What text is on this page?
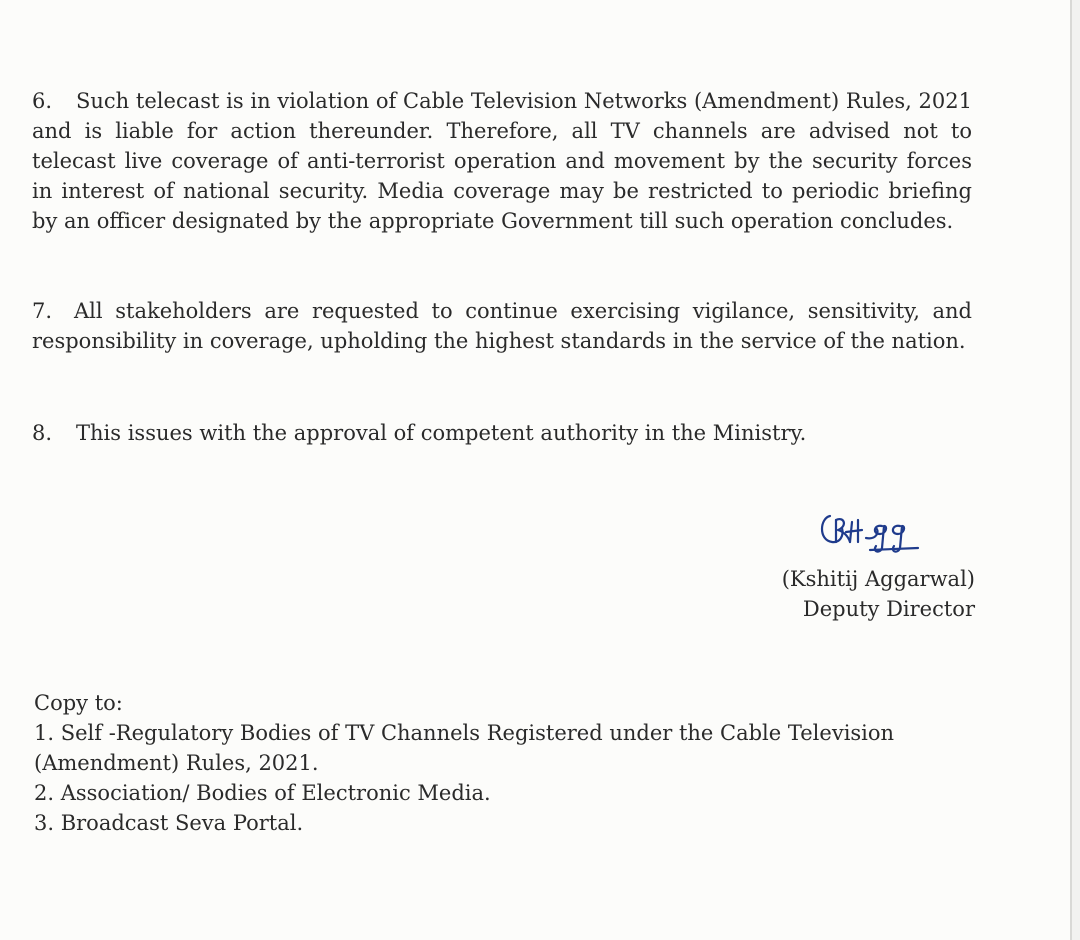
6. Such telecast is in violation of Cable Television Networks (Amendment) Rules, 2021 and is liable for action thereunder. Therefore, all TV channels are advised not to telecast live coverage of anti-terrorist operation and movement by the security forces in interest of national security. Media coverage may be restricted to periodic briefing by an officer designated by the appropriate Government till such operation concludes.

7. All stakeholders are requested to continue exercising vigilance, sensitivity, and responsibility in coverage, upholding the highest standards in the service of the nation.

8. This issues with the approval of competent authority in the Ministry.

(Kshitij Aggarwal)
Deputy Director
Copy to:
1. Self -Regulatory Bodies of TV Channels Registered under the Cable Television (Amendment) Rules, 2021.
2. Association/ Bodies of Electronic Media.
3. Broadcast Seva Portal.
